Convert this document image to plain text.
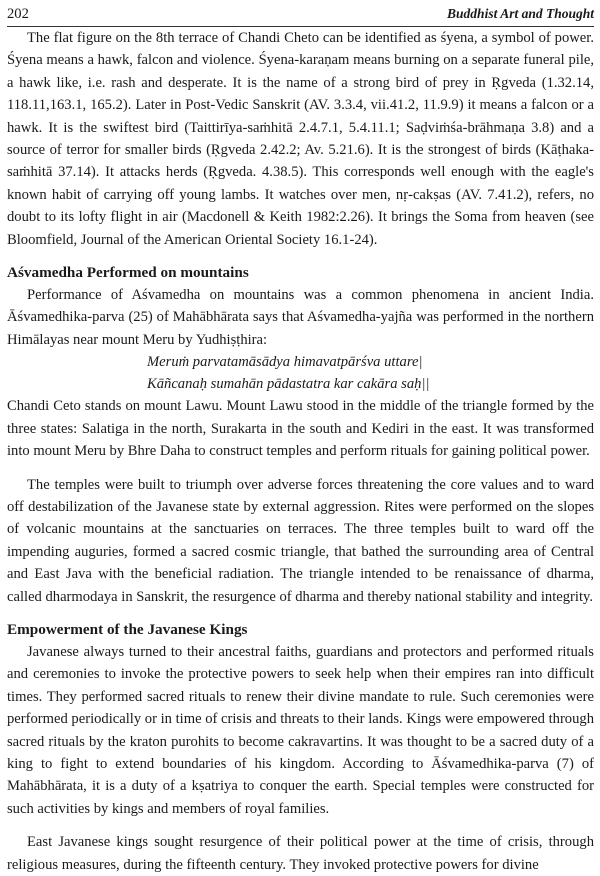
202	Buddhist Art and Thought

The flat figure on the 8th terrace of Chandi Cheto can be identified as śyena, a symbol of power. Śyena means a hawk, falcon and violence. Śyena-karaṇam means burning on a separate funeral pile, a hawk like, i.e. rash and desperate. It is the name of a strong bird of prey in Ṛgveda (1.32.14, 118.11,163.1, 165.2). Later in Post-Vedic Sanskrit (AV. 3.3.4, vii.41.2, 11.9.9) it means a falcon or a hawk. It is the swiftest bird (Taittirīya-saṁhitā 2.4.7.1, 5.4.11.1; Saḍviṁśa-brāhmaṇa 3.8) and a source of terror for smaller birds (Ṛgveda 2.42.2; Av. 5.21.6). It is the strongest of birds (Kāṭhaka-saṁhitā 37.14). It attacks herds (Ṛgveda. 4.38.5). This corresponds well enough with the eagle's known habit of carrying off young lambs. It watches over men, nṛ-cakṣas (AV. 7.41.2), refers, no doubt to its lofty flight in air (Macdonell & Keith 1982:2.26). It brings the Soma from heaven (see Bloomfield, Journal of the American Oriental Society 16.1-24).

Aśvamedha Performed on mountains

Performance of Aśvamedha on mountains was a common phenomena in ancient India. Āśvamedhika-parva (25) of Mahābhārata says that Aśvamedha-yajña was performed in the northern Himālayas near mount Meru by Yudhiṣṭhira:

Meruṁ parvatamāsādya himavatpārśva uttare|
Kāñcanaḥ sumahān pādastatra kar cakāra saḥ||

Chandi Ceto stands on mount Lawu. Mount Lawu stood in the middle of the triangle formed by the three states: Salatiga in the north, Surakarta in the south and Kediri in the east. It was transformed into mount Meru by Bhre Daha to construct temples and perform rituals for gaining political power.

The temples were built to triumph over adverse forces threatening the core values and to ward off destabilization of the Javanese state by external aggression. Rites were performed on the slopes of volcanic mountains at the sanctuaries on terraces. The three temples built to ward off the impending auguries, formed a sacred cosmic triangle, that bathed the surrounding area of Central and East Java with the beneficial radiation. The triangle intended to be renaissance of dharma, called dharmodaya in Sanskrit, the resurgence of dharma and thereby national stability and integrity.

Empowerment of the Javanese Kings

Javanese always turned to their ancestral faiths, guardians and protectors and performed rituals and ceremonies to invoke the protective powers to seek help when their empires ran into difficult times. They performed sacred rituals to renew their divine mandate to rule. Such ceremonies were performed periodically or in time of crisis and threats to their lands. Kings were empowered through sacred rituals by the kraton purohits to become cakravartins. It was thought to be a sacred duty of a king to fight to extend boundaries of his kingdom. According to Āśvamedhika-parva (7) of Mahābhārata, it is a duty of a kṣatriya to conquer the earth. Special temples were constructed for such activities by kings and members of royal families.

East Javanese kings sought resurgence of their political power at the time of crisis, through religious measures, during the fifteenth century. They invoked protective powers for divine
